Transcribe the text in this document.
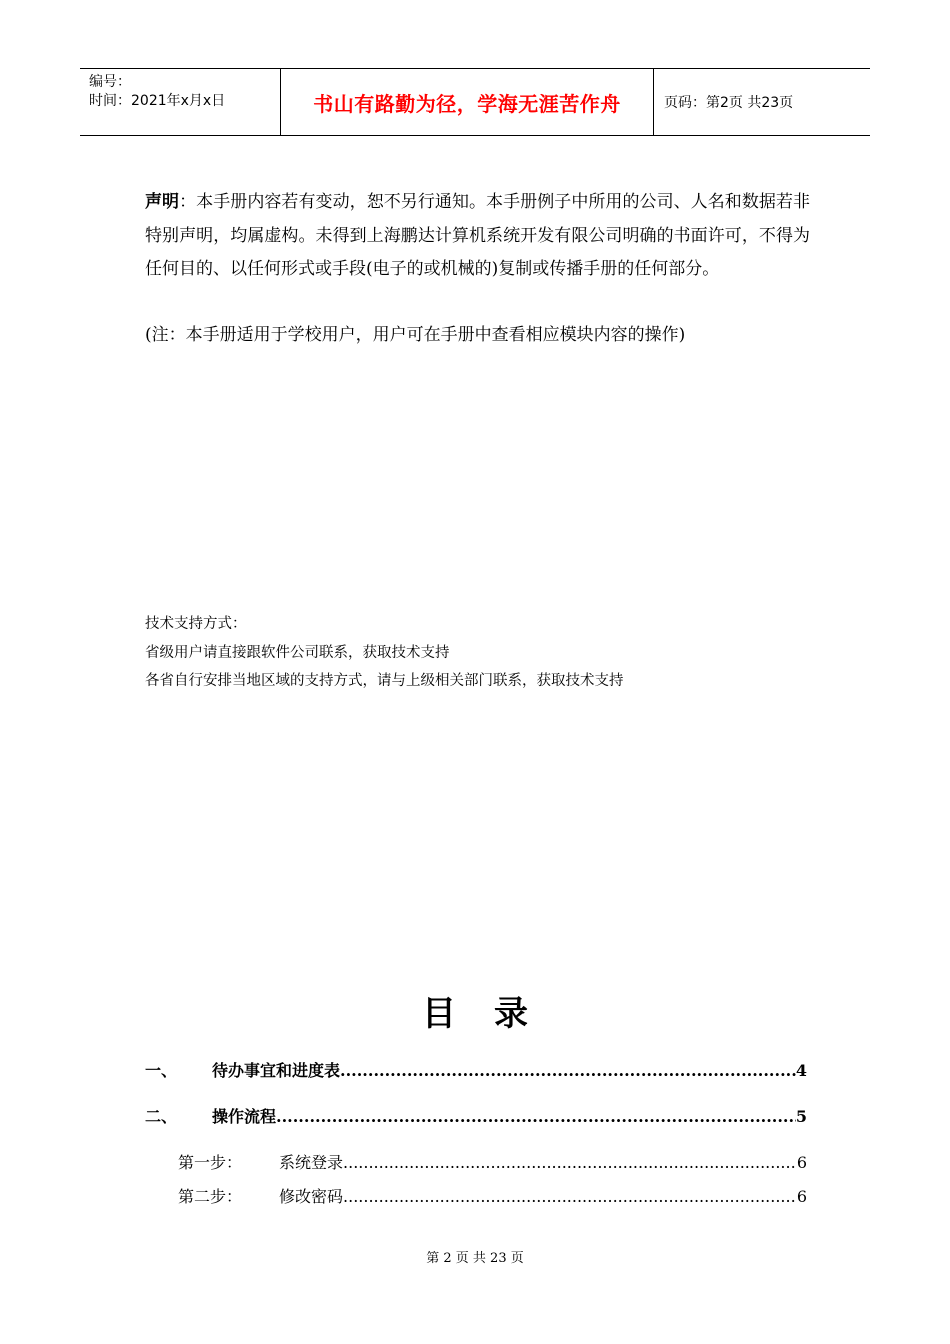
编号：
时间：2021年x月x日	书山有路勤为径，学海无涯苦作舟	页码：第2页 共23页
声明：本手册内容若有变动，恕不另行通知。本手册例子中所用的公司、人名和数据若非特别声明，均属虚构。未得到上海鹏达计算机系统开发有限公司明确的书面许可，不得为任何目的、以任何形式或手段(电子的或机械的)复制或传播手册的任何部分。
(注：本手册适用于学校用户，用户可在手册中查看相应模块内容的操作)
技术支持方式：
省级用户请直接跟软件公司联系，获取技术支持
各省自行安排当地区域的支持方式，请与上级相关部门联系，获取技术支持
目 录
一、	待办事宜和进度表 .....	4
二、	操作流程 .....	5
第一步：	系统登录 .....	6
第二步：	修改密码 .....	6
第 2 页 共 23 页
